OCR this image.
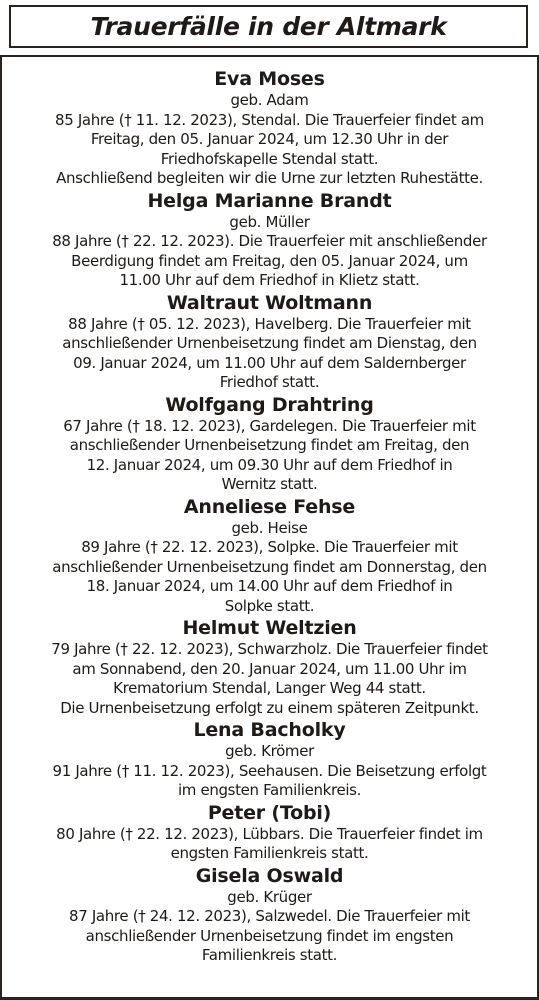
Trauerfälle in der Altmark
Eva Moses
geb. Adam
85 Jahre († 11. 12. 2023), Stendal. Die Trauerfeier findet am
Freitag, den 05. Januar 2024, um 12.30 Uhr in der
Friedhofskapelle Stendal statt.
Anschließend begleiten wir die Urne zur letzten Ruhestätte.
Helga Marianne Brandt
geb. Müller
88 Jahre († 22. 12. 2023). Die Trauerfeier mit anschließender
Beerdigung findet am Freitag, den 05. Januar 2024, um
11.00 Uhr auf dem Friedhof in Klietz statt.
Waltraut Woltmann
88 Jahre († 05. 12. 2023), Havelberg. Die Trauerfeier mit
anschließender Urnenbeisetzung findet am Dienstag, den
09. Januar 2024, um 11.00 Uhr auf dem Saldernberger
Friedhof statt.
Wolfgang Drahtring
67 Jahre († 18. 12. 2023), Gardelegen. Die Trauerfeier mit
anschließender Urnenbeisetzung findet am Freitag, den
12. Januar 2024, um 09.30 Uhr auf dem Friedhof in
Wernitz statt.
Anneliese Fehse
geb. Heise
89 Jahre († 22. 12. 2023), Solpke. Die Trauerfeier mit
anschließender Urnenbeisetzung findet am Donnerstag, den
18. Januar 2024, um 14.00 Uhr auf dem Friedhof in
Solpke statt.
Helmut Weltzien
79 Jahre († 22. 12. 2023), Schwarzholz. Die Trauerfeier findet
am Sonnabend, den 20. Januar 2024, um 11.00 Uhr im
Krematorium Stendal, Langer Weg 44 statt.
Die Urnenbeisetzung erfolgt zu einem späteren Zeitpunkt.
Lena Bacholky
geb. Krömer
91 Jahre († 11. 12. 2023), Seehausen. Die Beisetzung erfolgt
im engsten Familienkreis.
Peter (Tobi)
80 Jahre († 22. 12. 2023), Lübbars. Die Trauerfeier findet im
engsten Familienkreis statt.
Gisela Oswald
geb. Krüger
87 Jahre († 24. 12. 2023), Salzwedel. Die Trauerfeier mit
anschließender Urnenbeisetzung findet im engsten
Familienkreis statt.
